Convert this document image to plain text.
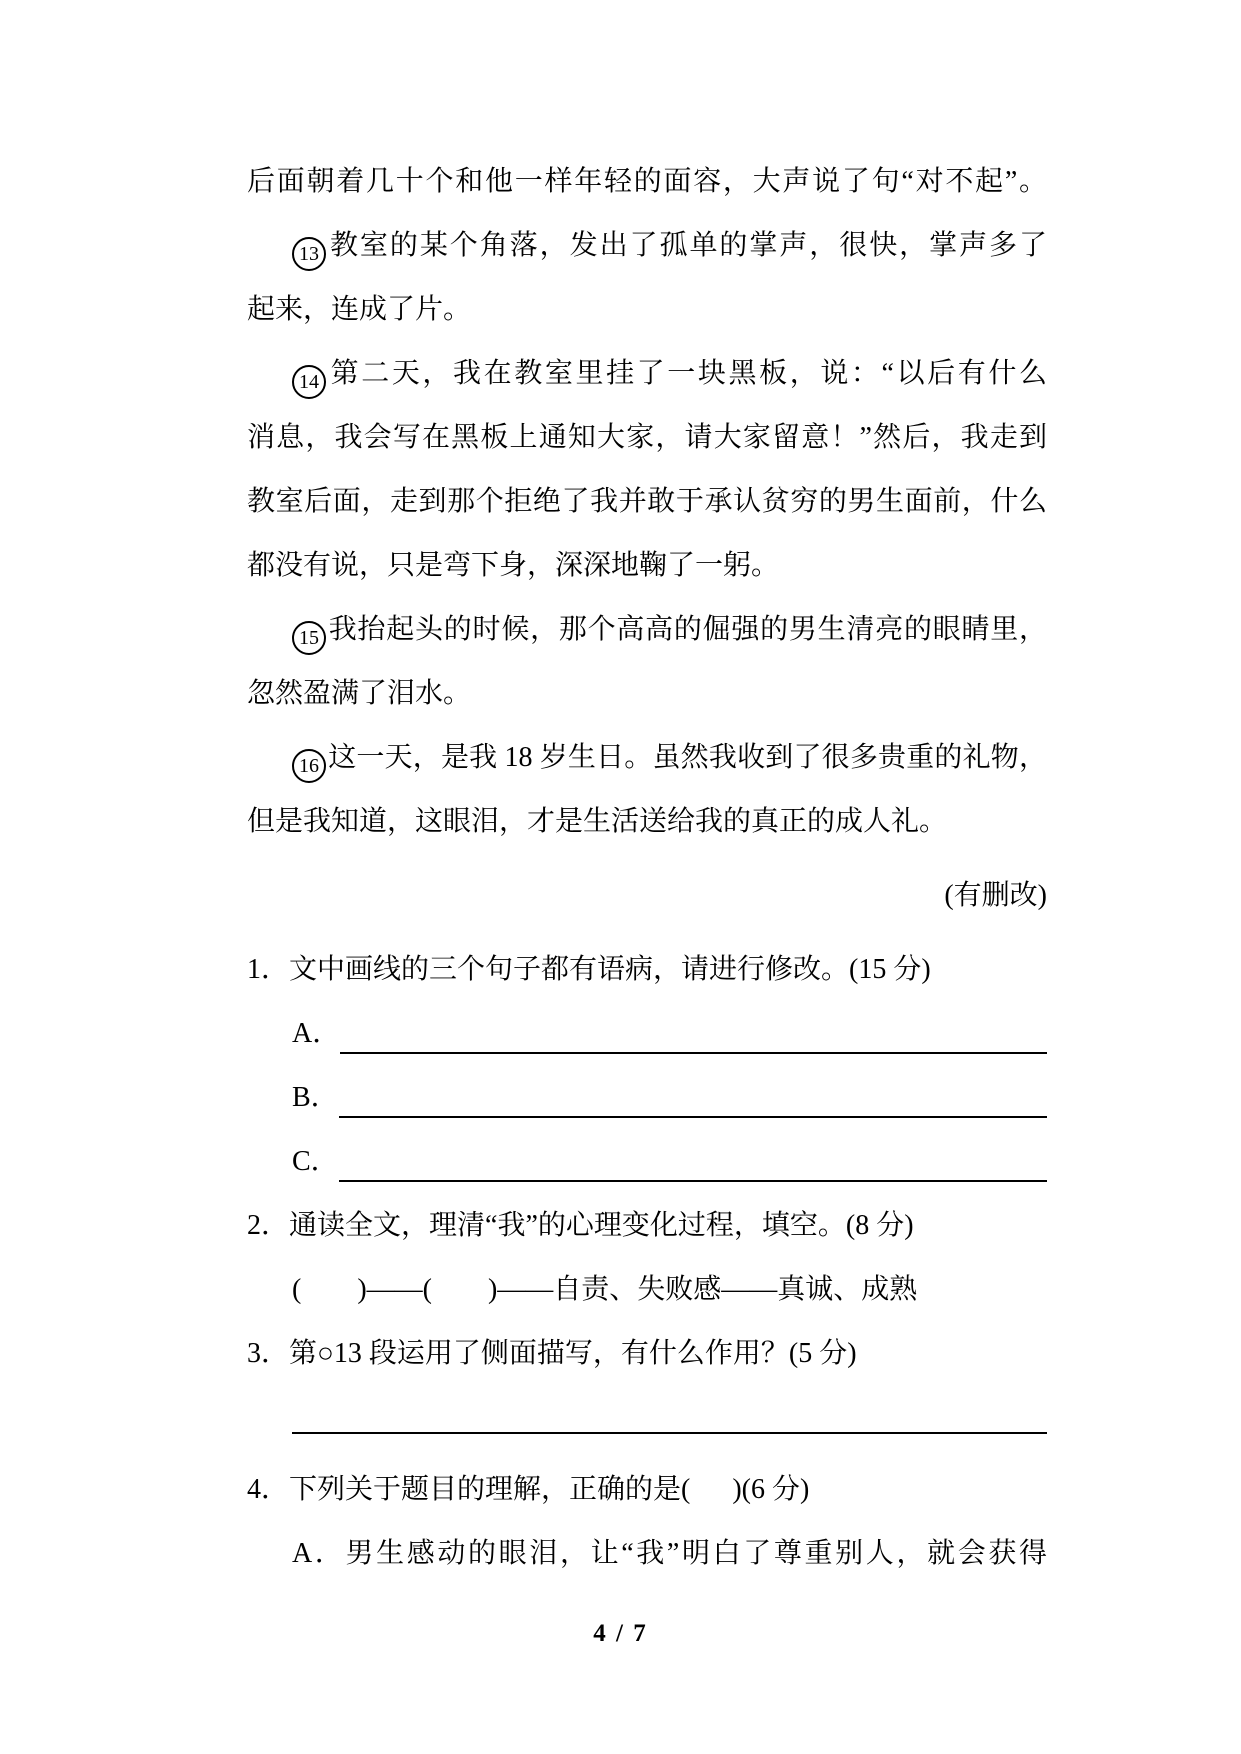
后面朝着几十个和他一样年轻的面容，大声说了句“对不起”。
13 教室的某个角落，发出了孤单的掌声，很快，掌声多了
起来，连成了片。
14 第二天，我在教室里挂了一块黑板，说：“以后有什么
消息，我会写在黑板上通知大家，请大家留意！”然后，我走到
教室后面，走到那个拒绝了我并敢于承认贫穷的男生面前，什么
都没有说，只是弯下身，深深地鞠了一躬。
15 我抬起头的时候，那个高高的倔强的男生清亮的眼睛里，
忽然盈满了泪水。
16 这一天，是我 18 岁生日。虽然我收到了很多贵重的礼物，
但是我知道，这眼泪，才是生活送给我的真正的成人礼。
(有删改)
1．文中画线的三个句子都有语病，请进行修改。(15 分)
A．
B．
C．
2．通读全文，理清“我”的心理变化过程，填空。(8 分)
(        )——(        )——自责、失败感——真诚、成熟
3．第○13 段运用了侧面描写，有什么作用？(5 分)
4．下列关于题目的理解，正确的是(      )(6 分)
A．男生感动的眼泪，让“我”明白了尊重别人，就会获得
4 / 7
